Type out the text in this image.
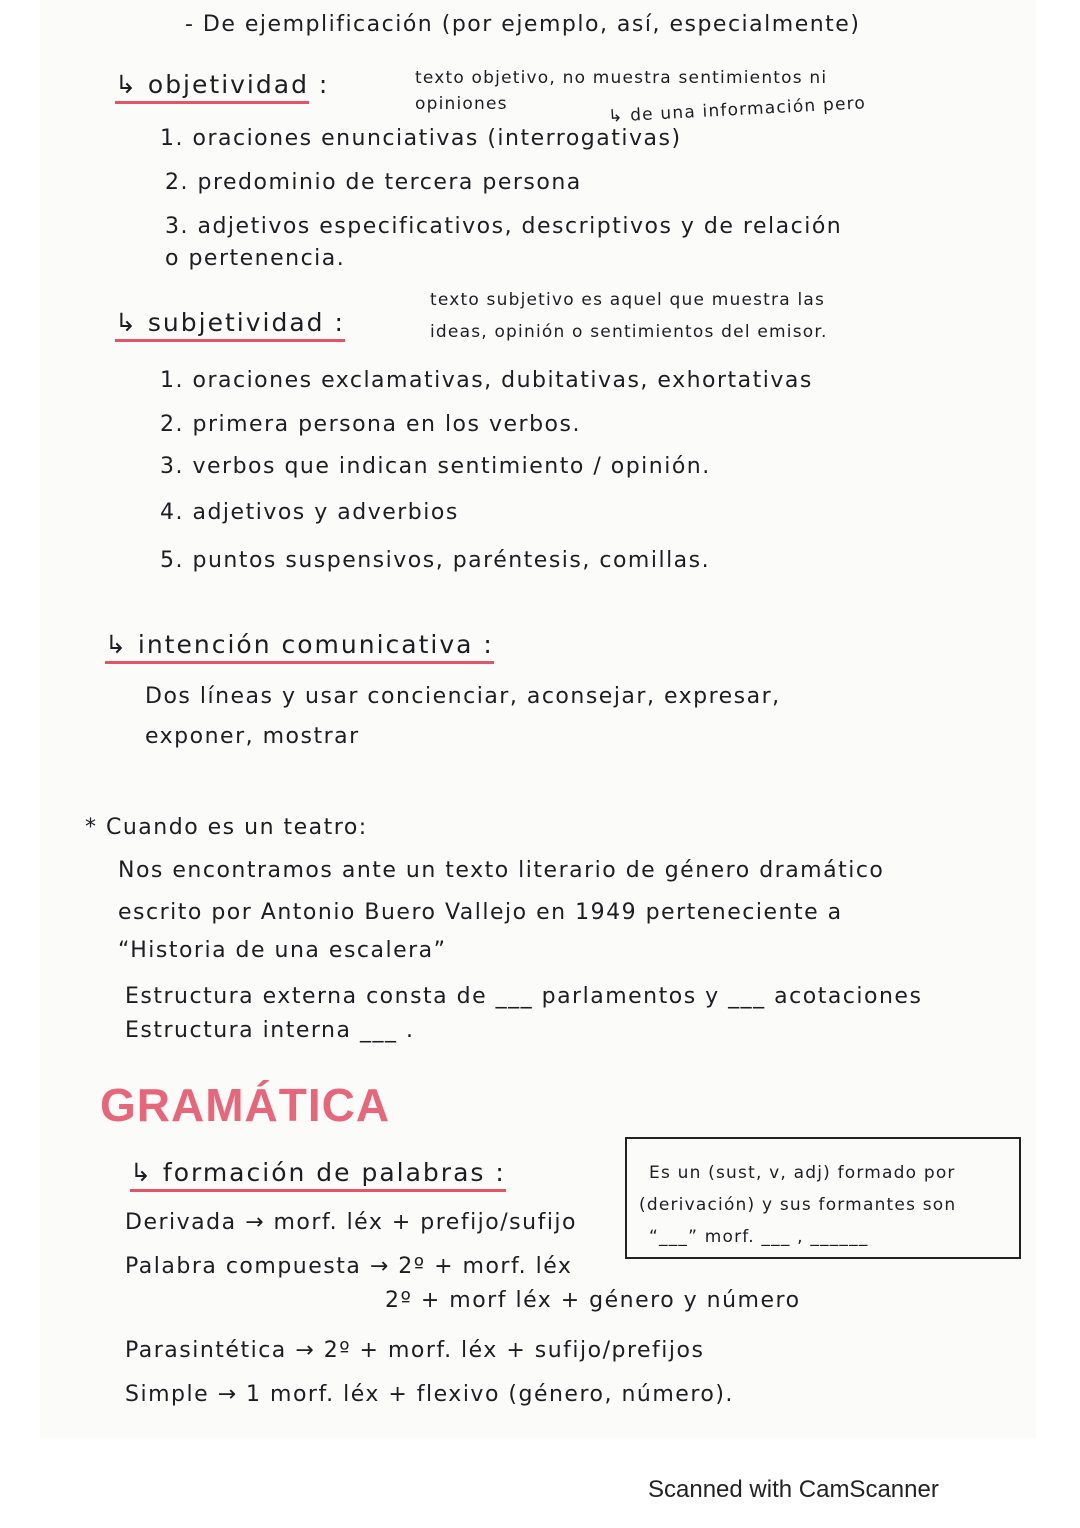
- De ejemplificación (por ejemplo, así, especialmente)
↳ objetividad :	texto objetivo, no muestra sentimientos ni
opiniones	↳ de una información pero
1. oraciones enunciativas (interrogativas)
2. predominio de tercera persona
3. adjetivos especificativos, descriptivos y de relación
o pertenencia.
↳ subjetividad :
texto subjetivo es aquel que muestra las
ideas, opinión o sentimientos del emisor.
1. oraciones exclamativas, dubitativas, exhortativas
2. primera persona en los verbos.
3. verbos que indican sentimiento / opinión.
4. adjetivos y adverbios
5. puntos suspensivos, paréntesis, comillas.
↳ intención comunicativa :
Dos líneas y usar concienciar, aconsejar, expresar,
exponer, mostrar
* Cuando es un teatro:
Nos encontramos ante un texto literario de género dramático
escrito por Antonio Buero Vallejo en 1949 perteneciente a
“Historia de una escalera”
Estructura externa consta de ___ parlamentos y ___ acotaciones
Estructura interna ___ .
GRAMÁTICA
↳ formación de palabras :	Es un (sust, v, adj) formado por
(derivación) y sus formantes son
“___” morf. ___ , ______
Derivada → morf. léx + prefijo/sufijo
Palabra compuesta → 2º + morf. léx
2º + morf léx + género y número
Parasintética → 2º + morf. léx + sufijo/prefijos
Simple → 1 morf. léx + flexivo (género, número).
Scanned with CamScanner
